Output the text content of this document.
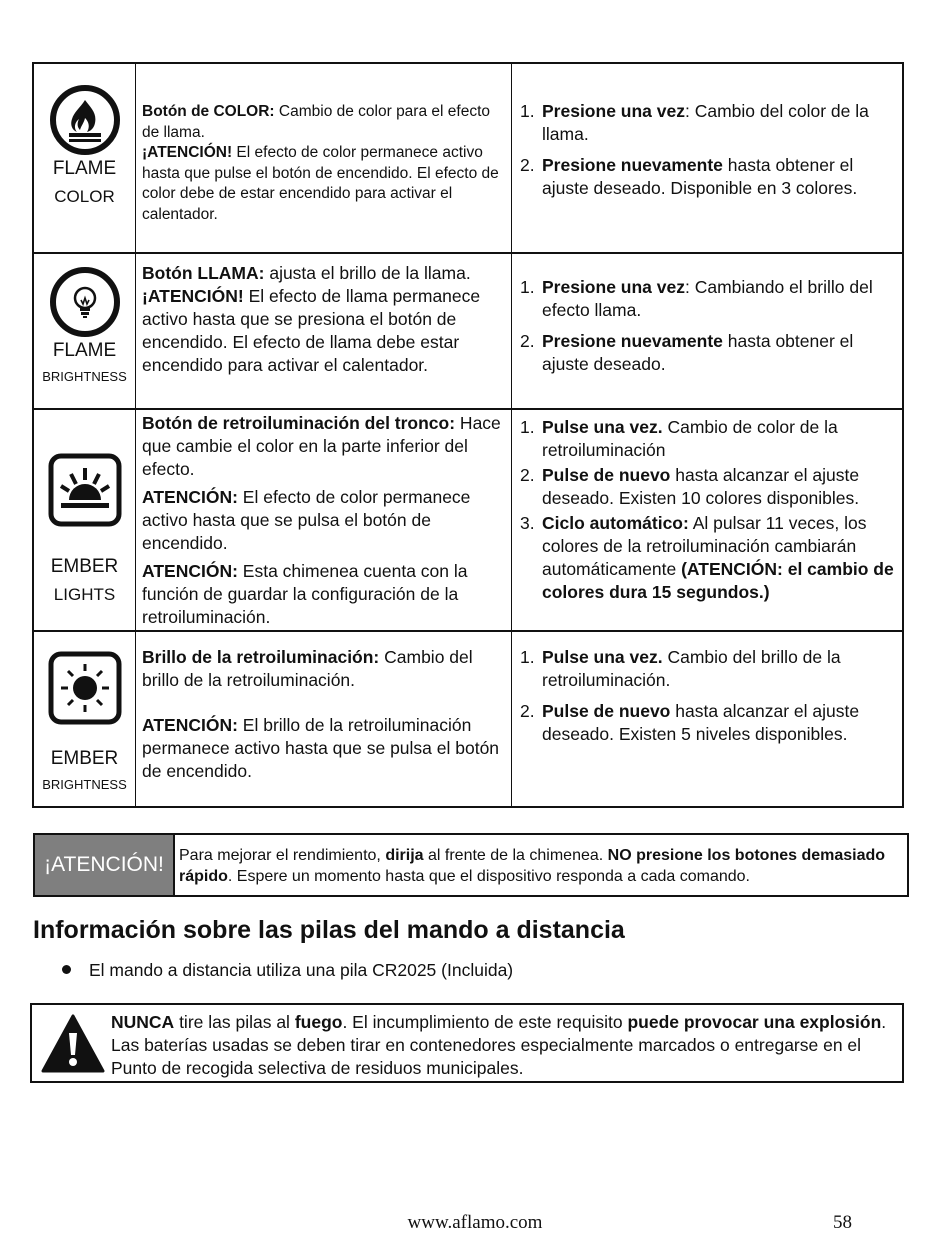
FLAME
COLOR

Botón de COLOR: Cambio de color para el efecto de llama.

¡ATENCIÓN! El efecto de color permanece activo hasta que pulse el botón de encendido. El efecto de color debe de estar encendido para activar el calentador.

1. Presione una vez: Cambio del color de la llama.
2. Presione nuevamente hasta obtener el ajuste deseado. Disponible en 3 colores.
FLAME
BRIGHTNESS

Botón LLAMA: ajusta el brillo de la llama.

¡ATENCIÓN! El efecto de llama permanece activo hasta que se presiona el botón de encendido. El efecto de llama debe estar encendido para activar el calentador.

1. Presione una vez: Cambiando el brillo del efecto llama.
2. Presione nuevamente hasta obtener el ajuste deseado.
EMBER
LIGHTS

Botón de retroiluminación del tronco: Hace que cambie el color en la parte inferior del efecto.

ATENCIÓN: El efecto de color permanece activo hasta que se pulsa el botón de encendido.

ATENCIÓN: Esta chimenea cuenta con la función de guardar la configuración de la retroiluminación.

1. Pulse una vez. Cambio de color de la retroiluminación
2. Pulse de nuevo hasta alcanzar el ajuste deseado. Existen 10 colores disponibles.
3. Ciclo automático: Al pulsar 11 veces, los colores de la retroiluminación cambiarán automáticamente (ATENCIÓN: el cambio de colores dura 15 segundos.)
EMBER
BRIGHTNESS

Brillo de la retroiluminación: Cambio del brillo de la retroiluminación.

ATENCIÓN: El brillo de la retroiluminación permanece activo hasta que se pulsa el botón de encendido.

1. Pulse una vez. Cambio del brillo de la retroiluminación.
2. Pulse de nuevo hasta alcanzar el ajuste deseado. Existen 5 niveles disponibles.
¡ATENCIÓN! Para mejorar el rendimiento, dirija al frente de la chimenea. NO presione los botones demasiado rápido. Espere un momento hasta que el dispositivo responda a cada comando.
Información sobre las pilas del mando a distancia
El mando a distancia utiliza una pila CR2025 (Incluida)
NUNCA tire las pilas al fuego. El incumplimiento de este requisito puede provocar una explosión. Las baterías usadas se deben tirar en contenedores especialmente marcados o entregarse en el Punto de recogida selectiva de residuos municipales.
www.aflamo.com	58
